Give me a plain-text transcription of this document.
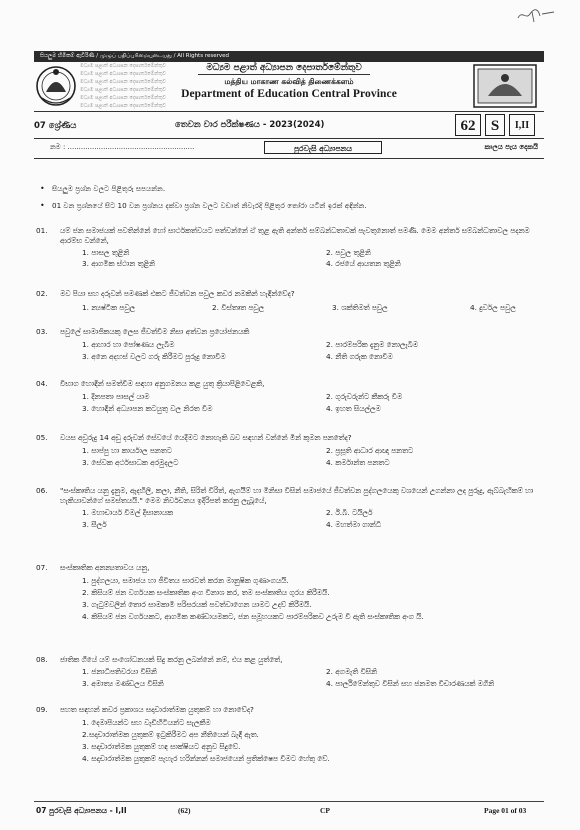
සියලුම හිමිකම් ඇවිරිණි / முழுப் பதிப்புரிமையுடையது / All Rights reserved
මධ්‍යම පළාත් අධ්‍යාපන දෙපාර්තමේන්තුව
මධ්‍යම පළාත් අධ්‍යාපන දෙපාර්තමේන්තුව
මධ්‍යම පළාත් අධ්‍යාපන දෙපාර්තමේන්තුව
මධ්‍යම පළාත් අධ්‍යාපන දෙපාර්තමේන්තුව
මධ්‍යම පළාත් අධ්‍යාපන දෙපාර්තමේන්තුව
මධ්‍යම පළාත් අධ්‍යාපන දෙපාර්තමේන්තුව
මධ්‍යම පළාත් අධ්‍යාපන දෙපාර්තමේන්තුව
மத்திய மாகாண கல்வித் திணைக்களம்
Department of Education Central Province
07 ශ්‍රේණිය	තෙවන වාර පරීක්ෂණය - 2023(2024)	62	S	I,II
නම : .........................................................	පුරවැසි අධ්‍යාපනය	කාලය පැය දෙකයි
• සියලුම ප්‍රශ්න වලට පිළිතුරු සපයන්න.
• 01 වන ප්‍රශ්නයේ සිට 10 වන ප්‍රශ්නය දක්වා ප්‍රශ්න වලට වඩාත් නිවැරදි පිළිතුර තෝරා යටින් ඉරක් අඳින්න.
01.	යම් ජන සමාජයක් පවතින්නේ හෝ සාර්ථකත්වයට පත්වන්නේ ඒ තුළ ඇති අන්තර් සම්බන්ධතාවක් පැවතුනොත් පමණි. මෙම අන්තර් සම්බන්ධතාවල පදනම ආරම්භ වන්නේ,
1. පාසල තුළිනි	2. පවුල තුළිනි
3. ආගමික ස්ථාන තුළිනි	4. රජයේ ආයතන තුළිනි
02.	මව පියා සහ දරුවන් පමණක් එකට ජීවත්වන පවුල කවර නමකින් හැඳින්වේද?
1. න්‍යෂ්ටික පවුල	2. විස්තෘත පවුල	3. ශක්තිමත් පවුල	4. දුර්වල පවුල
03.	පවුලේ සාමාජිකයකු ලෙස ජීවත්වීම නිසා අත්වන ප්‍රයෝජනයකි
1. ආහාර හා පෝෂණය ලැබීම	2. පාරම්පරික දැනුම නොලැබීම
3. අනෙ අදහස් වලට ගරු කිරීමට පුරුදු නොවීම	4. නීති ගරුක නොවීම
04.	විභාග හොඳින් සමත්වීම සඳහා අනුගමනය කළ යුතු ක්‍රියාපිළිවෙළකි,
1. දිනපතා පාසල් යාම	2. ගුරුවරුන්ට කීකරු වීම
3. හොඳින් අධ්‍යාපන කටයුතු වල නිරත වීම	4. ඉහත සියල්ලම
05.	වයස අවුරුදු 14 අඩු දරුවන් සේවයේ යෙදීමට නොහැකි බව සඳහන් වන්නේ මින් කුමන පනතේද?
1. සාප්පු හා කාර්යාල පනතට	2. ප්‍රසූති ආධාර ආඥා පනතට
3. සේවක අර්ථසාධක අරමුදලට	4. කර්මාන්ත පනතට
06.	"සංස්කෘතිය යනු දැනුම, ඇදහිලි, කලා, නීති, සිරිත් විරිත්, ඇගයීම් හා මිනිසා විසින් සමාජයේ ජීවත්වන පුද්ගලයෙකු වශයෙන් උගන්නා ලද පුරුදු, ඇබ්බැහිකම් හා හැකියාවන්ගේ සමස්තයයි." මෙම නිර්වචනය ඉදිරිපත් කරනු ලැබූයේ,
1. මහාචාර්ය විමල් දිසානායක	2. ඊ.බී. ටයිලර්
3. සීලර්	4. මහත්මා ගාන්ධි
07.	සංස්කෘතික අනන්‍යතාවය යනු,
1. පුද්ගලයා, සමාජය හා ජීවිතය සාරවත් කරන මානුෂික ගුණාංගයයි.
2. කිසියම් ජන වර්ගයක සංස්කෘතික අංග විනාශ කර, තම සංස්කෘතිය ගුරය කිරීමයි.
3. ගැටුම්වලින් තොර සාමකාමී පරිසරයක් පවත්වාගෙන යාමට උදව් කිරීමයි.
4. කිසියම් ජන වර්ගයකට, ආගමික කණ්ඩායමකට, ජන සමූහයකට පාරම්පරිකව උරුම වී ඇති සංස්කෘතික අංග යි.
08.	ජාතික ගීයේ යම් සංශෝධනයක් සිදු කරනු ලබන්නේ නම්, එය කළ යුත්තේ,
1. ජනාධිපතිවරයා විසිනි	2. අගමැති විසිනි
3. අමාත්‍ය මණ්ඩලය විසිනි	4. පාර්ලිමේන්තුව විසින් සහ ජනමත විචාරණයක් මගිනි
09.	පහත සඳහන් කවර ප්‍රකාශය සදාචාරාත්මක යුතුකම් හා නොවේද?
1. දෙමාපියන්ට සහ වැඩිහිටියන්ට සැලකීම
2.සදාචාරාත්මක යුතුකම් ඉටුකිරීමට අප නීතියෙන් බැඳී ඇත.
3. සදාචාරාත්මක යුතුකම් හඳ සාක්ෂියට අනුව සිදුවේ.
4. සදාචාරාත්මක යුතුකම් පැහැර හරින්නන් සමාජයෙන් ප්‍රතික්ෂෙප වීමට හේතු වේ.
07 පුරවැසි අධ්‍යාපනය - I,II	(62)	CP	Page 01 of 03
